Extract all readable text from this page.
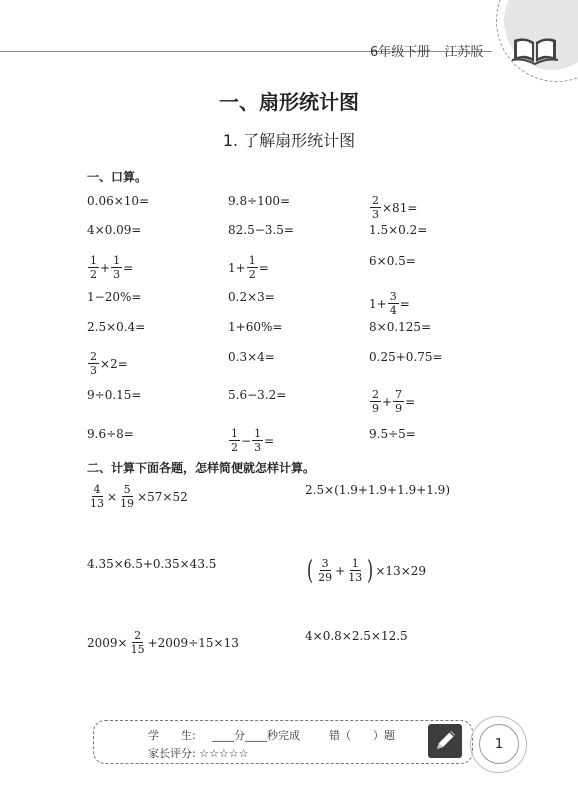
6年级下册 江苏版
一、扇形统计图
1. 了解扇形统计图
一、口算。
0.06×10=	9.8÷100=	$\frac{2}{3} \times 81=$
4×0.09=	82.5−3.5=	1.5×0.2=
$\frac{1}{2} + \frac{1}{3}$ =	$1+ \frac{1}{2}$ =	6×0.5=
1−20%=	0.2×3=	$1+ \frac{3}{4}$ =
2.5×0.4=	1+60%=	8×0.125=
$\frac{2}{3} \times 2=$	0.3×4=	0.25+0.75=
9÷0.15=	5.6−3.2=	$\frac{2}{9} + \frac{7}{9}$ =
9.6÷8=	$\frac{1}{2} - \frac{1}{3}$ =	9.5÷5=
二、计算下面各题，怎样简便就怎样计算。
$\frac{4}{13} \times \frac{5}{19} \times 57\times 52$	2.5×(1.9+1.9+1.9+1.9)
4.35×6.5+0.35×43.5	( $\frac{3}{29} + \frac{1}{13}$ ) ×13×29
$2009\times \frac{2}{15} +2009\div 15\times 13$	4×0.8×2.5×12.5
学　　生: ____分____秒完成	错（　　）题
家长评分: ☆☆☆☆☆
1
